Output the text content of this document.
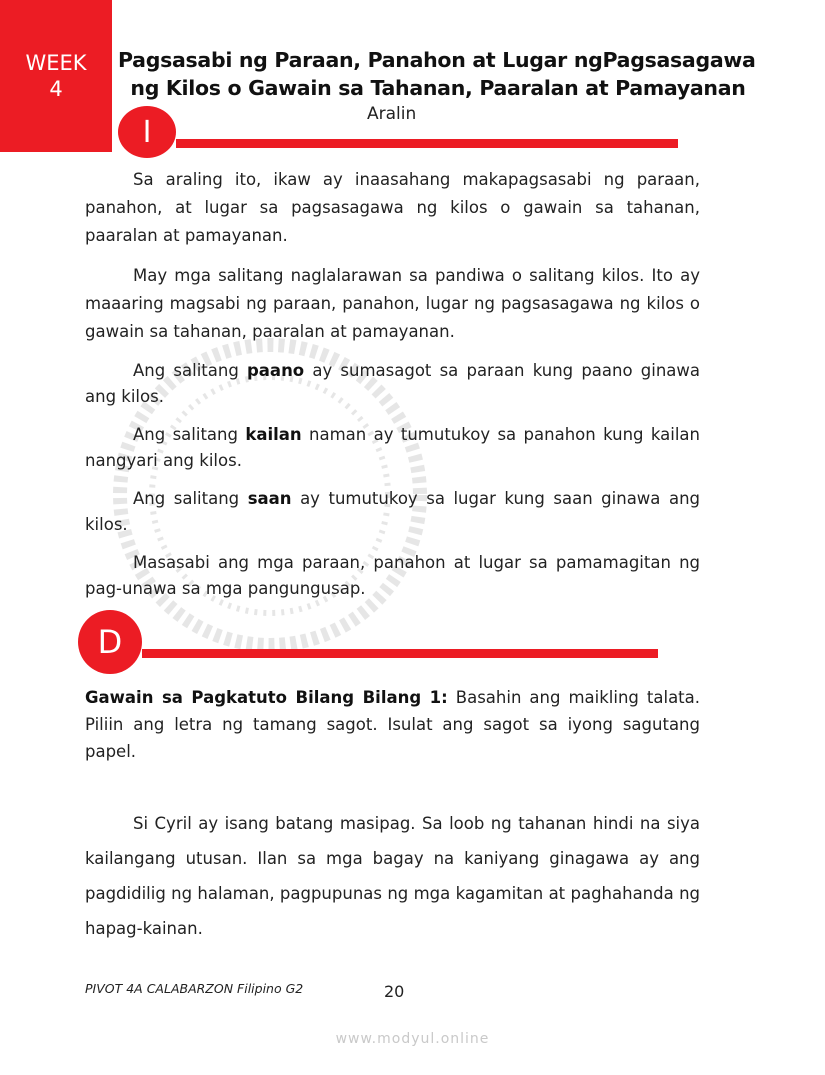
WEEK
4
Pagsasabi ng Paraan, Panahon at Lugar ngPagsasagawa
ng Kilos o Gawain sa Tahanan, Paaralan at Pamayanan
Aralin
I

Sa araling ito, ikaw ay inaasahang makapagsasabi ng paraan, panahon, at lugar sa pagsasagawa ng kilos o gawain sa tahanan, paaralan at pamayanan.

May mga salitang naglalarawan sa pandiwa o salitang kilos. Ito ay maaaring magsabi ng paraan, panahon, lugar ng pagsasagawa ng kilos o gawain sa tahanan, paaralan at pamayanan.

Ang salitang paano ay sumasagot sa paraan kung paano ginawa ang kilos.

Ang salitang kailan naman ay tumutukoy sa panahon kung kailan nangyari ang kilos.

Ang salitang saan ay tumutukoy sa lugar kung saan ginawa ang kilos.

Masasabi ang mga paraan, panahon at lugar sa pamamagitan ng pag-unawa sa mga pangungusap.

D

Gawain sa Pagkatuto Bilang Bilang 1: Basahin ang maikling talata. Piliin ang letra ng tamang sagot. Isulat ang sagot sa iyong sagutang papel.

Si Cyril ay isang batang masipag. Sa loob ng tahanan hindi na siya kailangang utusan. Ilan sa mga bagay na kaniyang ginagawa ay ang pagdidilig ng halaman, pagpupunas ng mga kagamitan at paghahanda ng hapag-kainan.

PIVOT 4A CALABARZON Filipino G2	20
www.modyul.online
